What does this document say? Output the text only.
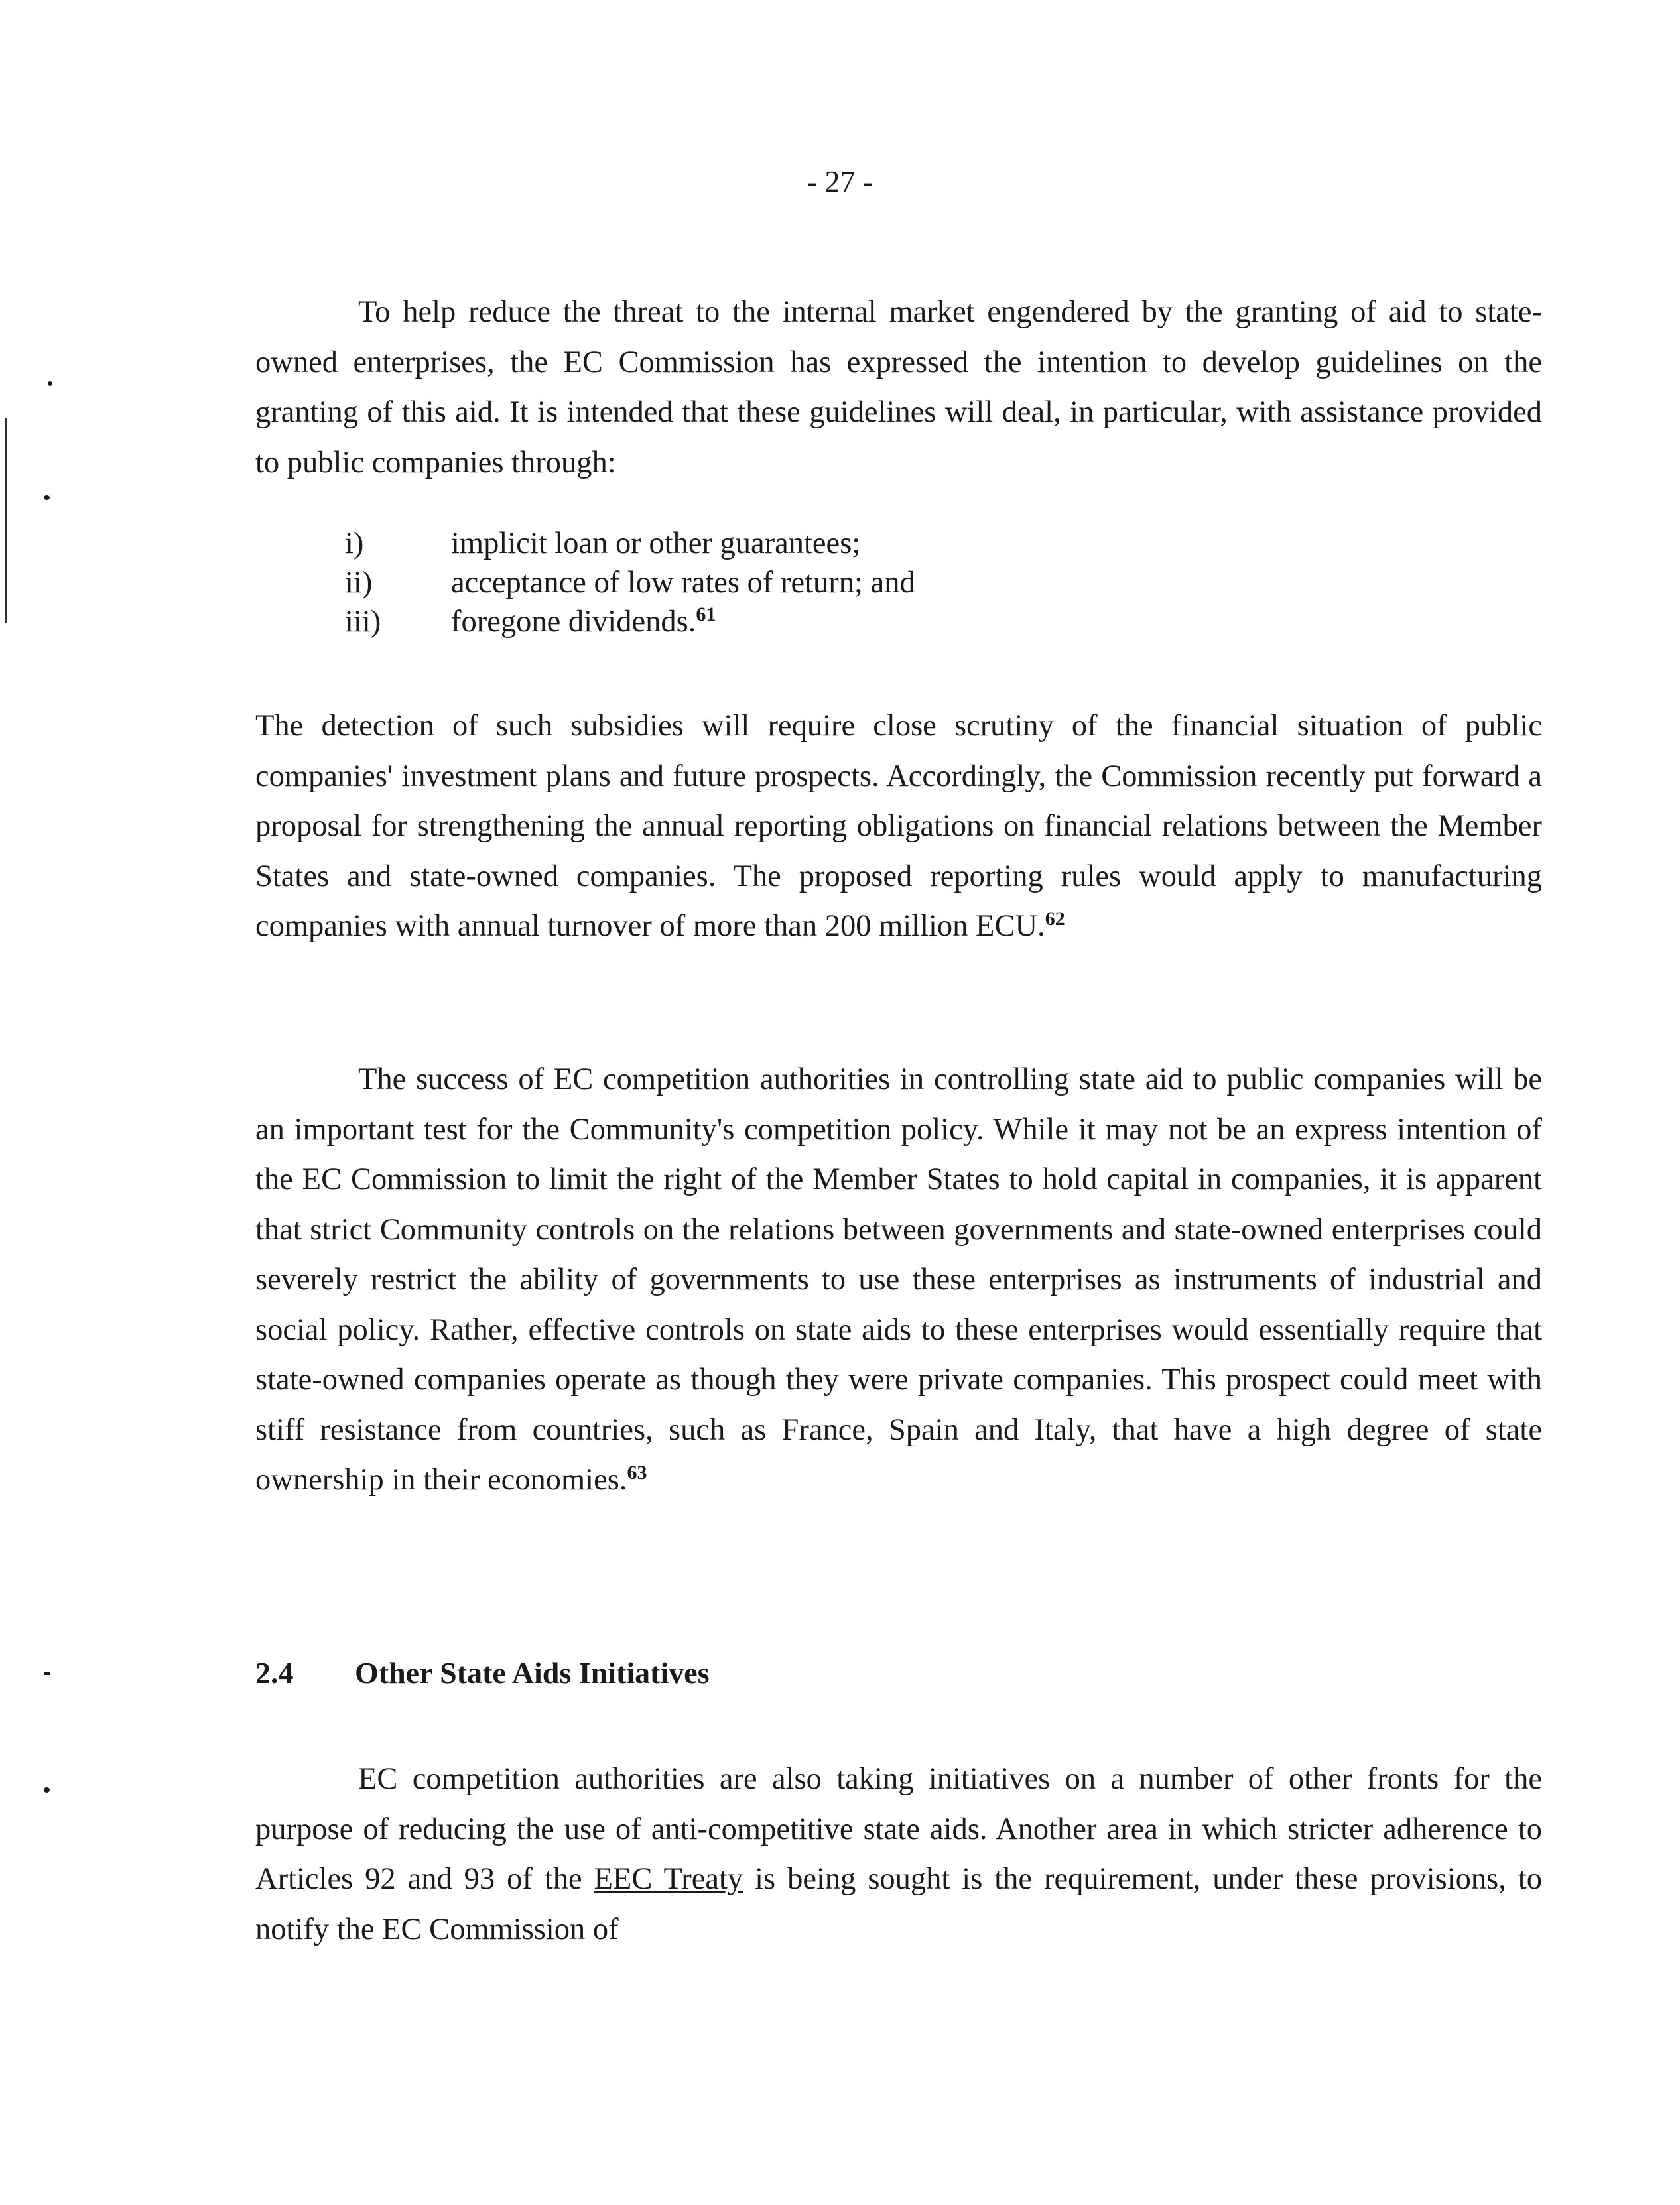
- 27 -

To help reduce the threat to the internal market engendered by the granting of aid to state-owned enterprises, the EC Commission has expressed the intention to develop guidelines on the granting of this aid. It is intended that these guidelines will deal, in particular, with assistance provided to public companies through:

i)	implicit loan or other guarantees;
ii)	acceptance of low rates of return; and
iii)	foregone dividends.$^{61}$

The detection of such subsidies will require close scrutiny of the financial situation of public companies' investment plans and future prospects. Accordingly, the Commission recently put forward a proposal for strengthening the annual reporting obligations on financial relations between the Member States and state-owned companies. The proposed reporting rules would apply to manufacturing companies with annual turnover of more than 200 million ECU.$^{62}$

The success of EC competition authorities in controlling state aid to public companies will be an important test for the Community's competition policy. While it may not be an express intention of the EC Commission to limit the right of the Member States to hold capital in companies, it is apparent that strict Community controls on the relations between governments and state-owned enterprises could severely restrict the ability of governments to use these enterprises as instruments of industrial and social policy. Rather, effective controls on state aids to these enterprises would essentially require that state-owned companies operate as though they were private companies. This prospect could meet with stiff resistance from countries, such as France, Spain and Italy, that have a high degree of state ownership in their economies.$^{63}$

2.4 Other State Aids Initiatives

EC competition authorities are also taking initiatives on a number of other fronts for the purpose of reducing the use of anti-competitive state aids. Another area in which stricter adherence to Articles 92 and 93 of the EEC Treaty is being sought is the requirement, under these provisions, to notify the EC Commission of
